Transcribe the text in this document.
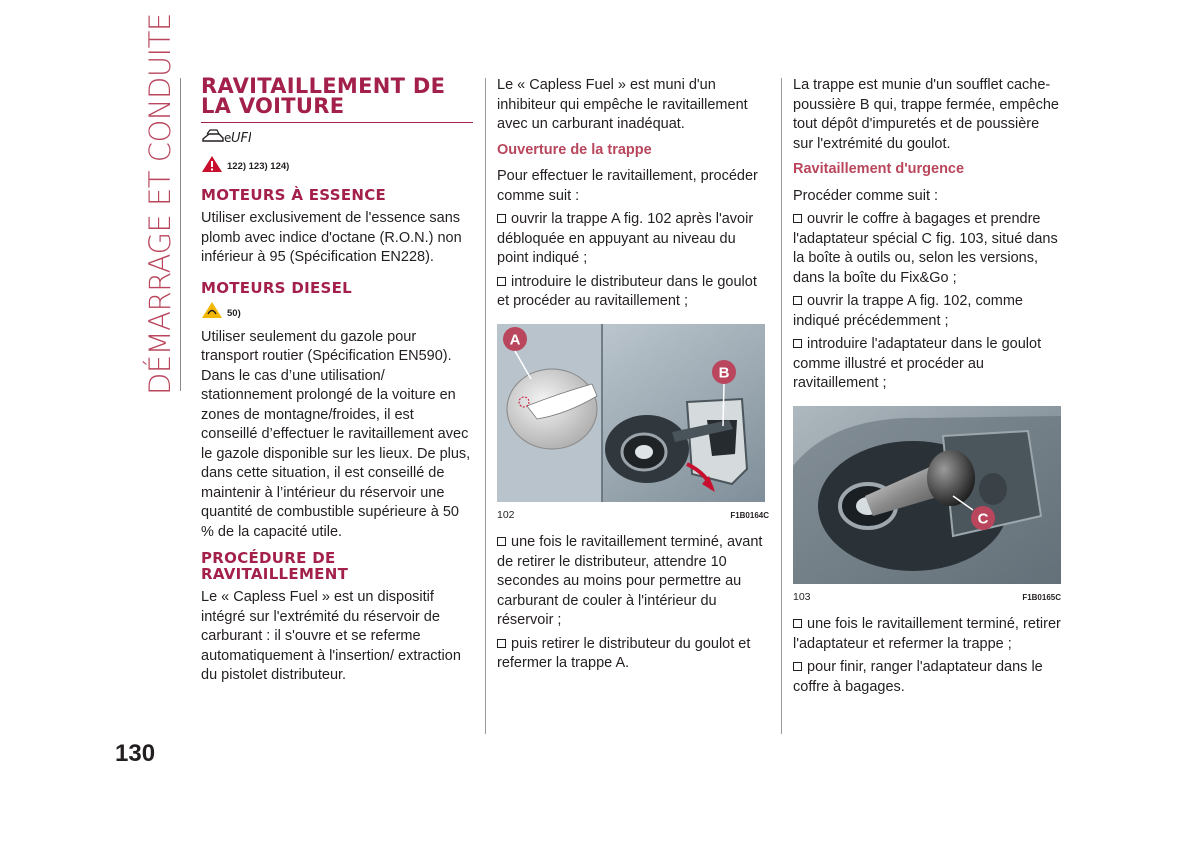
DÉMARRAGE ET CONDUITE
130
RAVITAILLEMENT DE LA VOITURE
e UFI
122) 123) 124)
MOTEURS À ESSENCE

Utiliser exclusivement de l'essence sans plomb avec indice d'octane (R.O.N.) non inférieur à 95 (Spécification EN228).

MOTEURS DIESEL
50)

Utiliser seulement du gazole pour transport routier (Spécification EN590). Dans le cas d’une utilisation/ stationnement prolongé de la voiture en zones de montagne/froides, il est conseillé d’effectuer le ravitaillement avec le gazole disponible sur les lieux. De plus, dans cette situation, il est conseillé de maintenir à l’intérieur du réservoir une quantité de combustible supérieure à 50 % de la capacité utile.

PROCÉDURE DE RAVITAILLEMENT

Le « Capless Fuel » est un dispositif intégré sur l'extrémité du réservoir de carburant : il s'ouvre et se referme automatiquement à l'insertion/ extraction du pistolet distributeur.

Le « Capless Fuel » est muni d'un inhibiteur qui empêche le ravitaillement avec un carburant inadéquat.

Ouverture de la trappe

Pour effectuer le ravitaillement, procéder comme suit :

ouvrir la trappe A fig. 102 après l'avoir débloquée en appuyant au niveau du point indiqué ;

introduire le distributeur dans le goulot et procéder au ravitaillement ;

A
B
102	F1B0164C

une fois le ravitaillement terminé, avant de retirer le distributeur, attendre 10 secondes au moins pour permettre au carburant de couler à l'intérieur du réservoir ;

puis retirer le distributeur du goulot et refermer la trappe A.

La trappe est munie d'un soufflet cache-poussière B qui, trappe fermée, empêche tout dépôt d'impuretés et de poussière sur l'extrémité du goulot.

Ravitaillement d'urgence

Procéder comme suit :

ouvrir le coffre à bagages et prendre l'adaptateur spécial C fig. 103, situé dans la boîte à outils ou, selon les versions, dans la boîte du Fix&Go ;

ouvrir la trappe A fig. 102, comme indiqué précédemment ;

introduire l'adaptateur dans le goulot comme illustré et procéder au ravitaillement ;

C
103	F1B0165C

une fois le ravitaillement terminé, retirer l'adaptateur et refermer la trappe ;

pour finir, ranger l'adaptateur dans le coffre à bagages.
